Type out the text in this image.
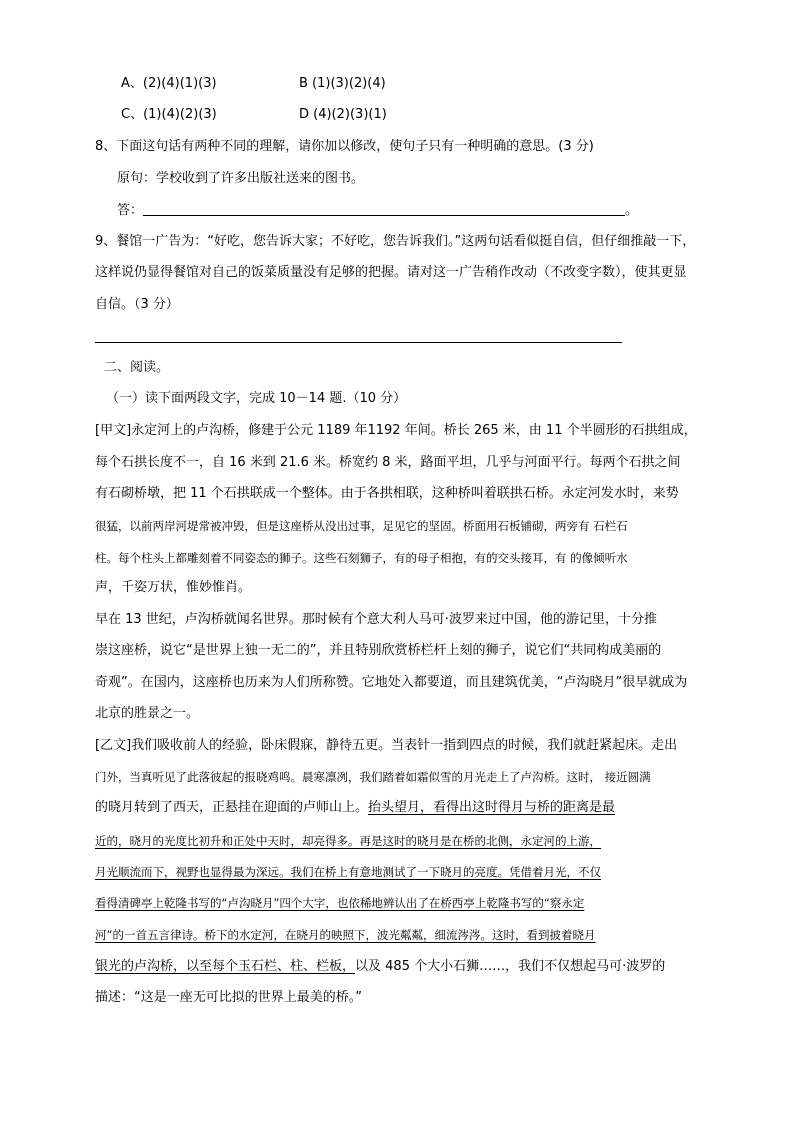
A、(2)(4)(1)(3)	B (1)(3)(2)(4)
C、(1)(4)(2)(3)	D (4)(2)(3)(1)
8、下面这句话有两种不同的理解，请你加以修改，使句子只有一种明确的意思。(3 分)
原句：学校收到了许多出版社送来的图书。
答：	。
9、餐馆一广告为：“好吃，您告诉大家；不好吃，您告诉我们。”这两句话看似挺自信，但仔细推敲一下，
这样说仍显得餐馆对自己的饭菜质量没有足够的把握。请对这一广告稍作改动（不改变字数），使其更显
自信。（3 分）
二、阅读。
（一）读下面两段文字，完成 10－14 题.（10 分）
[甲文]永定河上的卢沟桥，修建于公元 1189 年1192 年间。桥长 265 米，由 11 个半圆形的石拱组成，
每个石拱长度不一，自 16 米到 21.6 米。桥宽约 8 米，路面平坦，几乎与河面平行。每两个石拱之间
有石砌桥墩，把 11 个石拱联成一个整体。由于各拱相联，这种桥叫着联拱石桥。永定河发水时，来势
很猛，以前两岸河堤常被冲毁，但是这座桥从没出过事，足见它的坚固。桥面用石板铺砌，两旁有 石栏石
柱。每个柱头上都雕刻着不同姿态的狮子。这些石刻狮子，有的母子相抱，有的交头接耳，有 的像倾听水
声，千姿万状，惟妙惟肖。
早在 13 世纪，卢沟桥就闻名世界。那时候有个意大利人马可·波罗来过中国，他的游记里，十分推
崇这座桥，说它“是世界上独一无二的”，并且特别欣赏桥栏杆上刻的狮子，说它们“共同构成美丽的
奇观”。在国内，这座桥也历来为人们所称赞。它地处入都要道，而且建筑优美，“卢沟晓月”很早就成为
北京的胜景之一。
[乙文]我们吸收前人的经验，卧床假寐，静待五更。当表针一指到四点的时候，我们就赶紧起床。走出
门外，当真听见了此落彼起的报晓鸡鸣。晨寒凛冽，我们踏着如霜似雪的月光走上了卢沟桥。这时， 接近圆满
的晓月转到了西天，正悬挂在迎面的卢师山上。抬头望月，看得出这时得月与桥的距离是最
近的，晓月的光度比初升和正处中天时，却亮得多。再是这时的晓月是在桥的北侧，永定河的上游，
月光顺流而下，视野也显得最为深远。我们在桥上有意地测试了一下晓月的亮度。凭借着月光，不仅
看得清碑亭上乾隆书写的“卢沟晓月”四个大字，也依稀地辨认出了在桥西亭上乾隆书写的“察永定
河”的一首五言律诗。桥下的水定河，在晓月的映照下，波光粼粼，细流涔涔。这时，看到披着晓月
银光的卢沟桥，以至每个玉石栏、柱、栏板，以及 485 个大小石狮……，我们不仅想起马可·波罗的
描述：“这是一座无可比拟的世界上最美的桥。”
